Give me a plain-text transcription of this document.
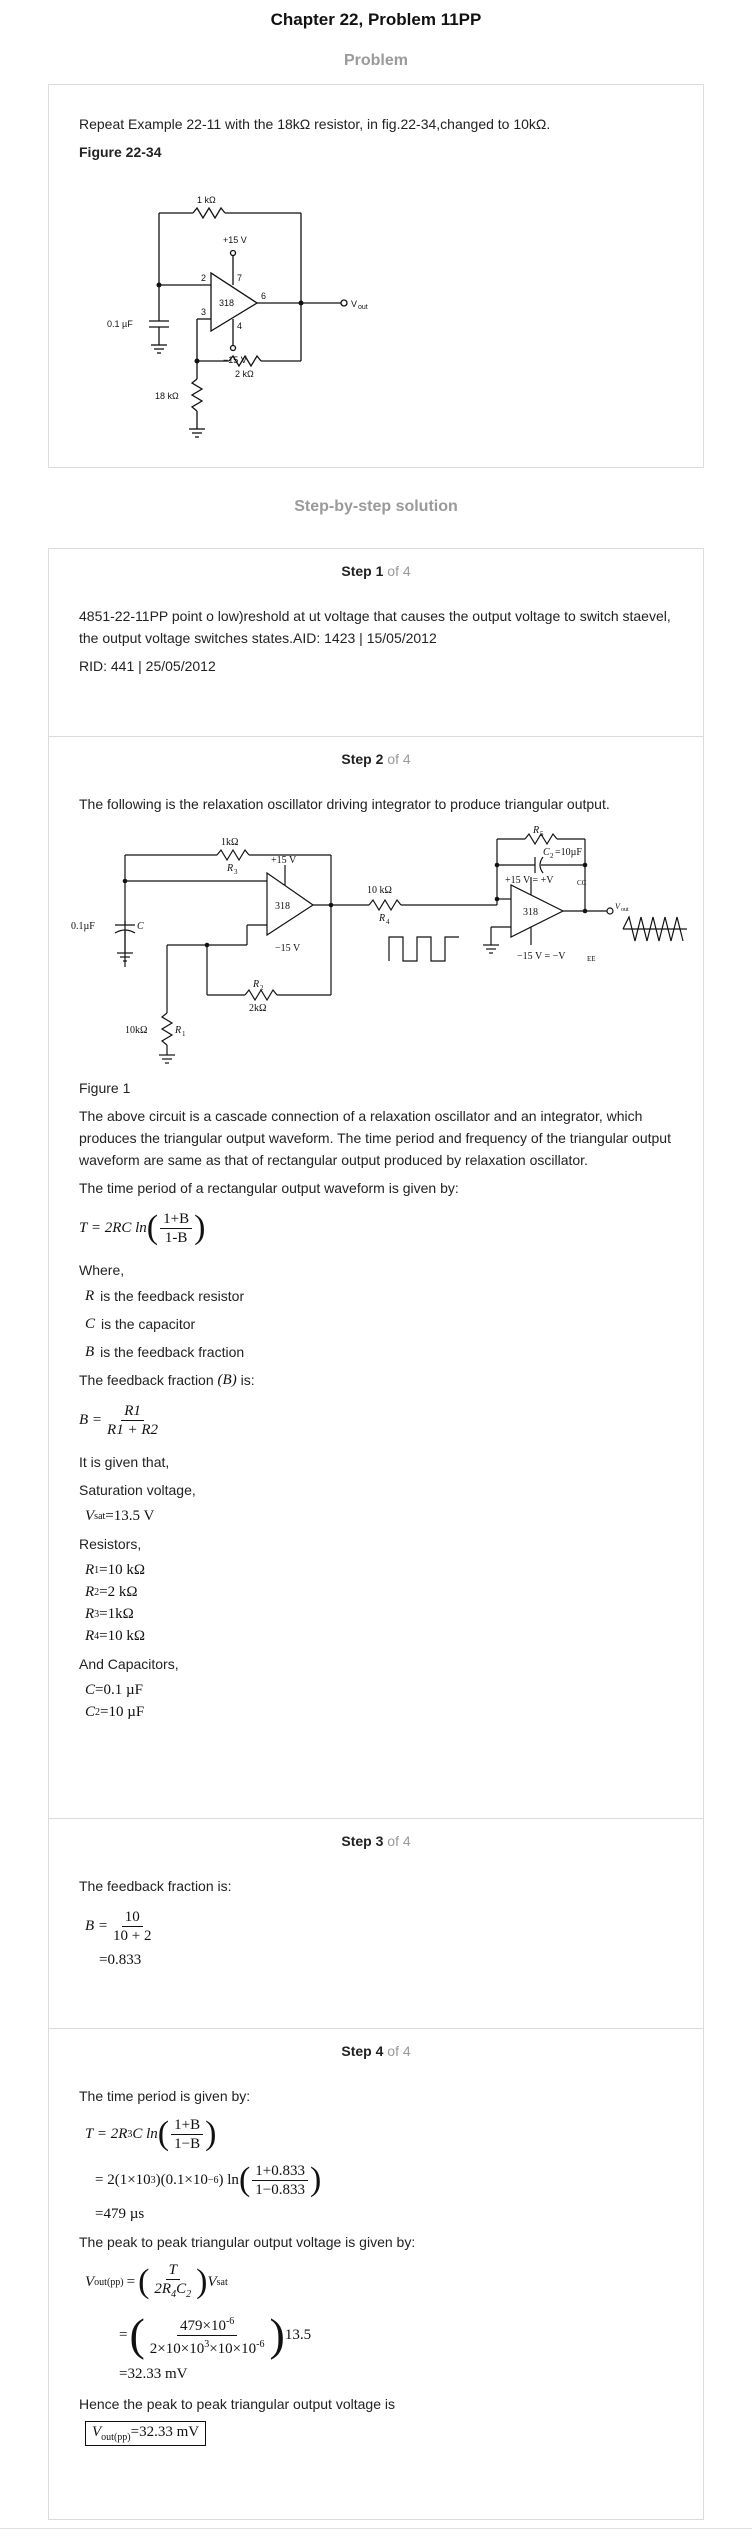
Chapter 22, Problem 11PP
Problem

Repeat Example 22-11 with the 18kΩ resistor, in fig.22-34,changed to 10kΩ.

Figure 22-34

1 kΩ
+15 V
318
2
3
7
6
4
−15 V
0.1 µF
2 kΩ
18 kΩ
V out
Step-by-step solution
Step 1 of 4

4851-22-11PP point o low)reshold at ut voltage that causes the output voltage to switch staevel, the output voltage switches states.AID: 1423 | 15/05/2012

RID: 441 | 25/05/2012

Step 2 of 4

The following is the relaxation oscillator driving integrator to produce triangular output.

1kΩ
R 3
+15 V
318
0.1µF	C
10kΩ	R 1
2kΩ
R 2
−15 V
10 kΩ
R 4
R 5
C 2 =10µF
+15 V = +V	CC
318
−15 V = −V	EE
V out

Figure 1

The above circuit is a cascade connection of a relaxation oscillator and an integrator, which produces the triangular output waveform. The time period and frequency of the triangular output waveform are same as that of rectangular output produced by relaxation oscillator.

The time period of a rectangular output waveform is given by:

T = 2RC ln ( $\frac{1+B}{1-B}$ )

Where,

R is the feedback resistor
C is the capacitor
B is the feedback fraction
The feedback fraction
(B)
is:
$B = \frac{R1}{R1 + R2}$

It is given that,

Saturation voltage,

V sat =13.5 V

Resistors,

R 1 =10 kΩ
R 2 =2 kΩ
R 3 =1kΩ
R 4 =10 kΩ

And Capacitors,

C =0.1 µF
C 2 =10 µF
Step 3 of 4

The feedback fraction is:

$B = \frac{10}{10 + 2}$
=0.833
Step 4 of 4

The time period is given by:

T = 2R 3 C ln ( $\frac{1+B}{1-B}$ )
= 2(1×10 3 )(0.1×10 −6 ) ln ( $\frac{1+0.833}{1-0.833}$ )
=479 µs

The peak to peak triangular output voltage is given by:

V out(pp) = ( $\frac{T}{2R_4C_2}$ ) V sat
= ( $\frac{479\times 10^{-6}}{2\times 10\times 10^3\times 10\times 10^{-6}}$ ) 13.5
=32.33 mV

Hence the peak to peak triangular output voltage is

$V_{out(pp)}=32.33$ mV
